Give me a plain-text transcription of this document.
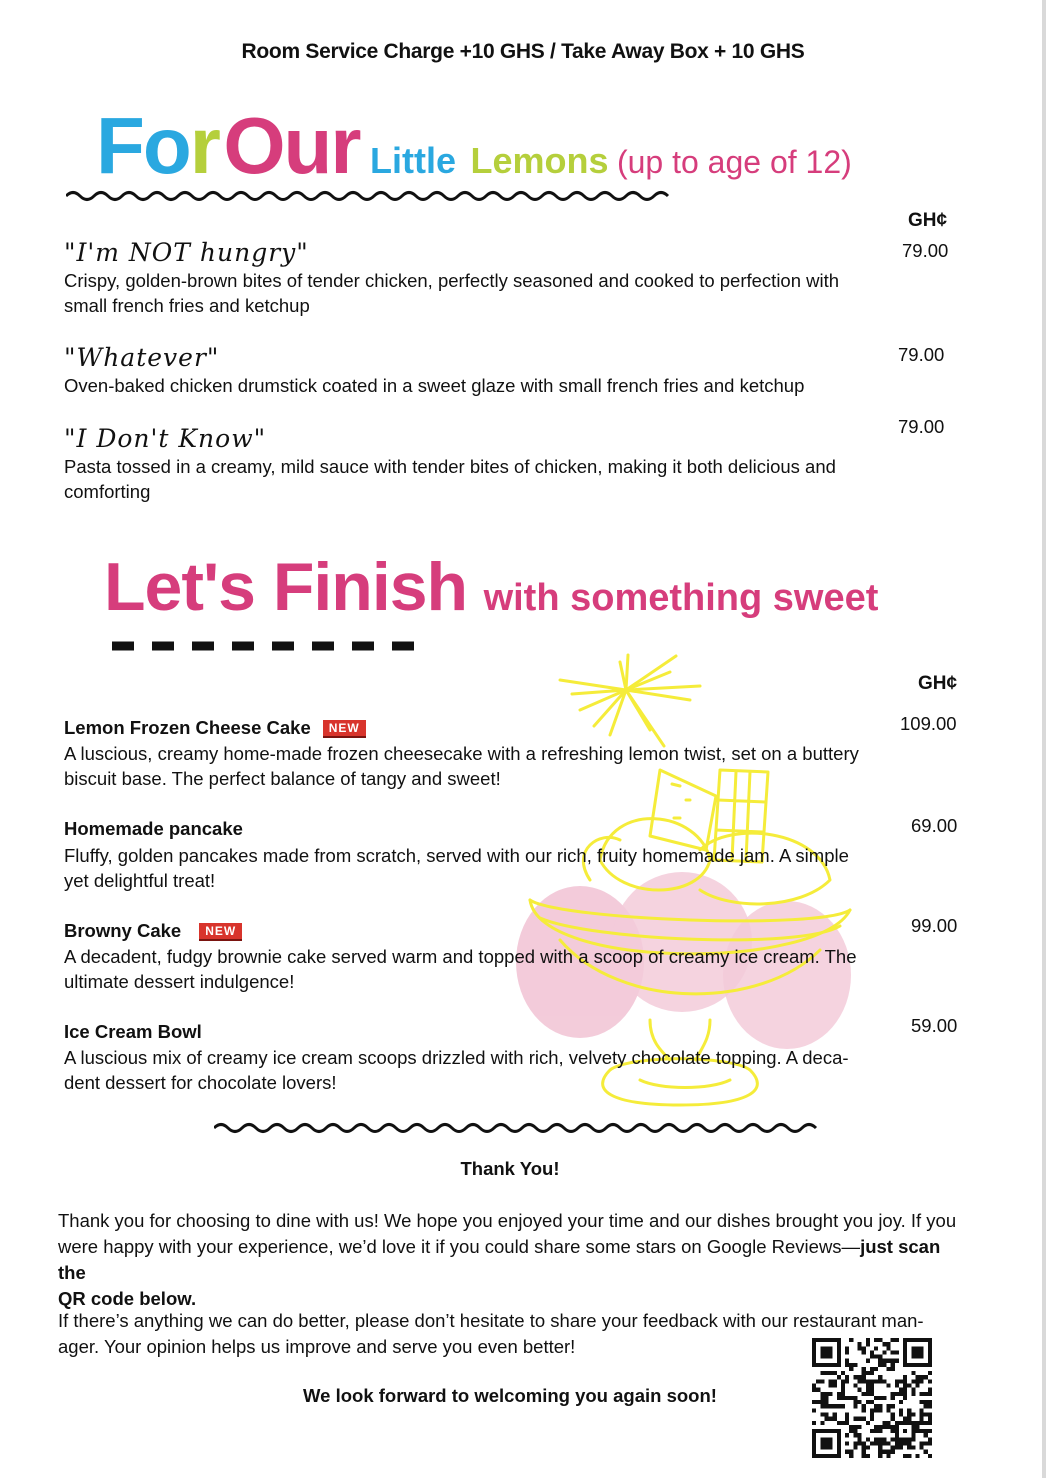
Room Service Charge +10 GHS / Take Away Box + 10 GHS
For Our Little Lemons (up to age of 12)
GH¢
"I'm NOT hungry"	79.00
Crispy, golden-brown bites of tender chicken, perfectly seasoned and cooked to perfection with
small french fries and ketchup
"Whatever"	79.00
Oven-baked chicken drumstick coated in a sweet glaze with small french fries and ketchup
"I Don't Know"	79.00
Pasta tossed in a creamy, mild sauce with tender bites of chicken, making it both delicious and
comforting
Let's Finish with something sweet
GH¢
Lemon Frozen Cheese Cake NEW	109.00
A luscious, creamy home-made frozen cheesecake with a refreshing lemon twist, set on a buttery
biscuit base. The perfect balance of tangy and sweet!
Homemade pancake	69.00
Fluffy, golden pancakes made from scratch, served with our rich, fruity homemade jam. A simple
yet delightful treat!
Browny Cake NEW	99.00
A decadent, fudgy brownie cake served warm and topped with a scoop of creamy ice cream. The
ultimate dessert indulgence!
Ice Cream Bowl	59.00
A luscious mix of creamy ice cream scoops drizzled with rich, velvety chocolate topping. A deca-
dent dessert for chocolate lovers!
Thank You!
Thank you for choosing to dine with us! We hope you enjoyed your time and our dishes brought you joy. If you
were happy with your experience, we’d love it if you could share some stars on Google Reviews—just scan the
QR code below.
If there’s anything we can do better, please don’t hesitate to share your feedback with our restaurant man-
ager. Your opinion helps us improve and serve you even better!
We look forward to welcoming you again soon!
